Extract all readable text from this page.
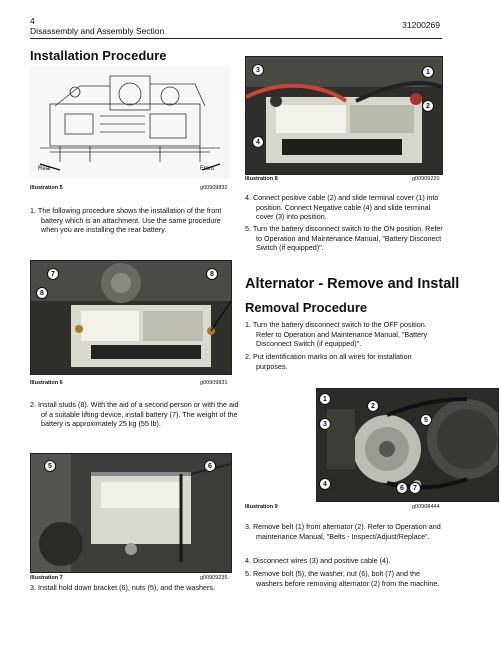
4
Disassembly and Assembly Section
31200269
Installation Procedure
Rear	Front
Illustration 5	g00909832

1. The following procedure shows the installation of the front battery which is an attachment. Use the same procedure when you are installing the rear battery.

7
8
8
Illustration 6	g00909831

2. Install studs (8). With the aid of a second person or with the aid of a suitable lifting device, install battery (7). The weight of the battery is approximately 25 kg (55 lb).

5	6
Illustration 7	g00909235

3. Install hold down bracket (6), nuts (5), and the washers.

3	1
2
4
Illustration 8	g00909220

4. Connect positive cable (2) and slide terminal cover (1) into position. Connect Negative cable (4) and slide terminal cover (3) into position.

5. Turn the battery disconnect switch to the ON position. Refer to Operation and Maintenance Manual, "Battery Disconect Switch (if equipped)".

Alternator - Remove and Install
Removal Procedure

1. Turn the battery disconnect switch to the OFF position. Refer to Operation and Maintenance Manual, "Battery Disconnect Switch (if equipped)".

2. Put identification marks on all wires for installation purposes.

1
2
3
4
5
6	7
Illustration 9	g00908444

3. Remove belt (1) from alternator (2). Refer to Operation and maintenance Manual, "Belts - Inspect/Adjust/Replace".

4. Disconnect wires (3) and positive cable (4).

5. Remove bolt (5), the washer, nut (6), bolt (7) and the washers before removing alternator (2) from the machine.
